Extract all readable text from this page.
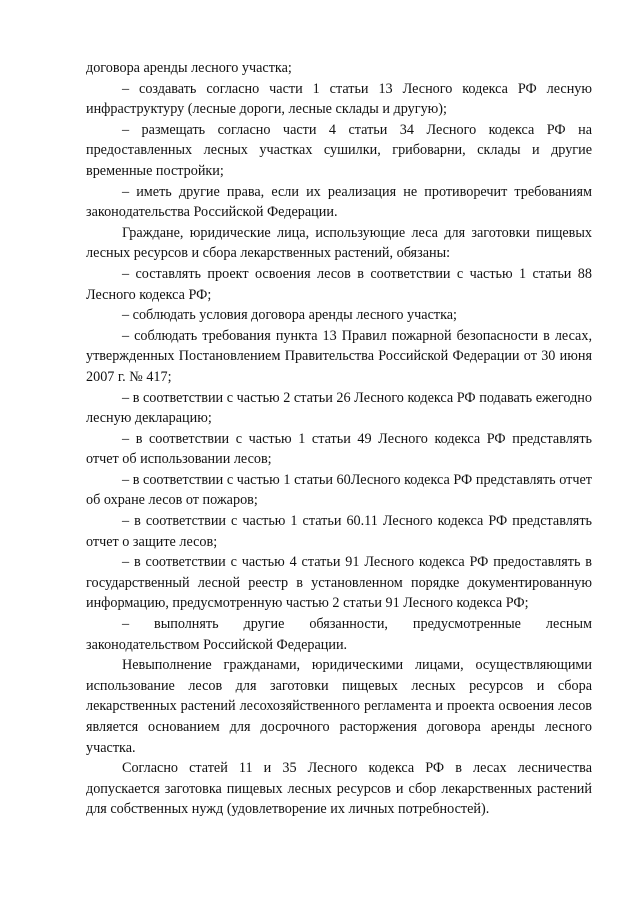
договора аренды лесного участка;

– создавать согласно части 1 статьи 13 Лесного кодекса РФ лесную инфраструктуру (лесные дороги, лесные склады и другую);

– размещать согласно части 4 статьи 34 Лесного кодекса РФ на предоставленных лесных участках сушилки, грибоварни, склады и другие временные постройки;

– иметь другие права, если их реализация не противоречит требованиям законодательства Российской Федерации.

Граждане, юридические лица, использующие леса для заготовки пищевых лесных ресурсов и сбора лекарственных растений, обязаны:

– составлять проект освоения лесов в соответствии с частью 1 статьи 88 Лесного кодекса РФ;

– соблюдать условия договора аренды лесного участка;

– соблюдать требования пункта 13 Правил пожарной безопасности в лесах, утвержденных Постановлением Правительства Российской Федерации от 30 июня 2007 г. № 417;

– в соответствии с частью 2 статьи 26 Лесного кодекса РФ подавать ежегодно лесную декларацию;

– в соответствии с частью 1 статьи 49 Лесного кодекса РФ представлять отчет об использовании лесов;

– в соответствии с частью 1 статьи 60Лесного кодекса РФ представлять отчет об охране лесов от пожаров;

– в соответствии с частью 1 статьи 60.11 Лесного кодекса РФ представлять отчет о защите лесов;

– в соответствии с частью 4 статьи 91 Лесного кодекса РФ предоставлять в государственный лесной реестр в установленном порядке документированную информацию, предусмотренную частью 2 статьи 91 Лесного кодекса РФ;

– выполнять другие обязанности, предусмотренные лесным законодательством Российской Федерации.

Невыполнение гражданами, юридическими лицами, осуществляющими использование лесов для заготовки пищевых лесных ресурсов и сбора лекарственных растений лесохозяйственного регламента и проекта освоения лесов является основанием для досрочного расторжения договора аренды лесного участка.

Согласно статей 11 и 35 Лесного кодекса РФ в лесах лесничества допускается заготовка пищевых лесных ресурсов и сбор лекарственных растений для собственных нужд (удовлетворение их личных потребностей).
